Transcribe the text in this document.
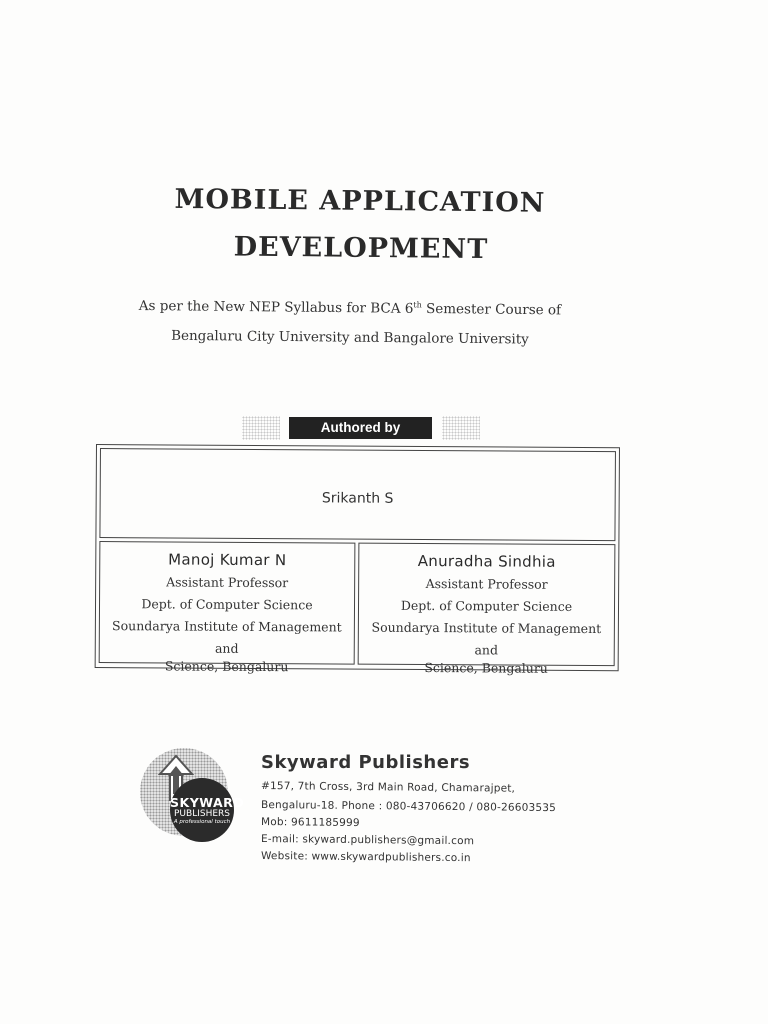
MOBILE APPLICATION
DEVELOPMENT
As per the New NEP Syllabus for BCA 6th Semester Course of
Bengaluru City University and Bangalore University
Authored by
Srikanth S
Manoj Kumar N
Assistant Professor
Dept. of Computer Science
Soundarya Institute of Management and
Science, Bengaluru
Anuradha Sindhia
Assistant Professor
Dept. of Computer Science
Soundarya Institute of Management and
Science, Bengaluru
SKYWARD
PUBLISHERS
A professional touch
Skyward Publishers
#157, 7th Cross, 3rd Main Road, Chamarajpet,
Bengaluru-18. Phone : 080-43706620 / 080-26603535
Mob: 9611185999
E-mail: skyward.publishers@gmail.com
Website: www.skywardpublishers.co.in
